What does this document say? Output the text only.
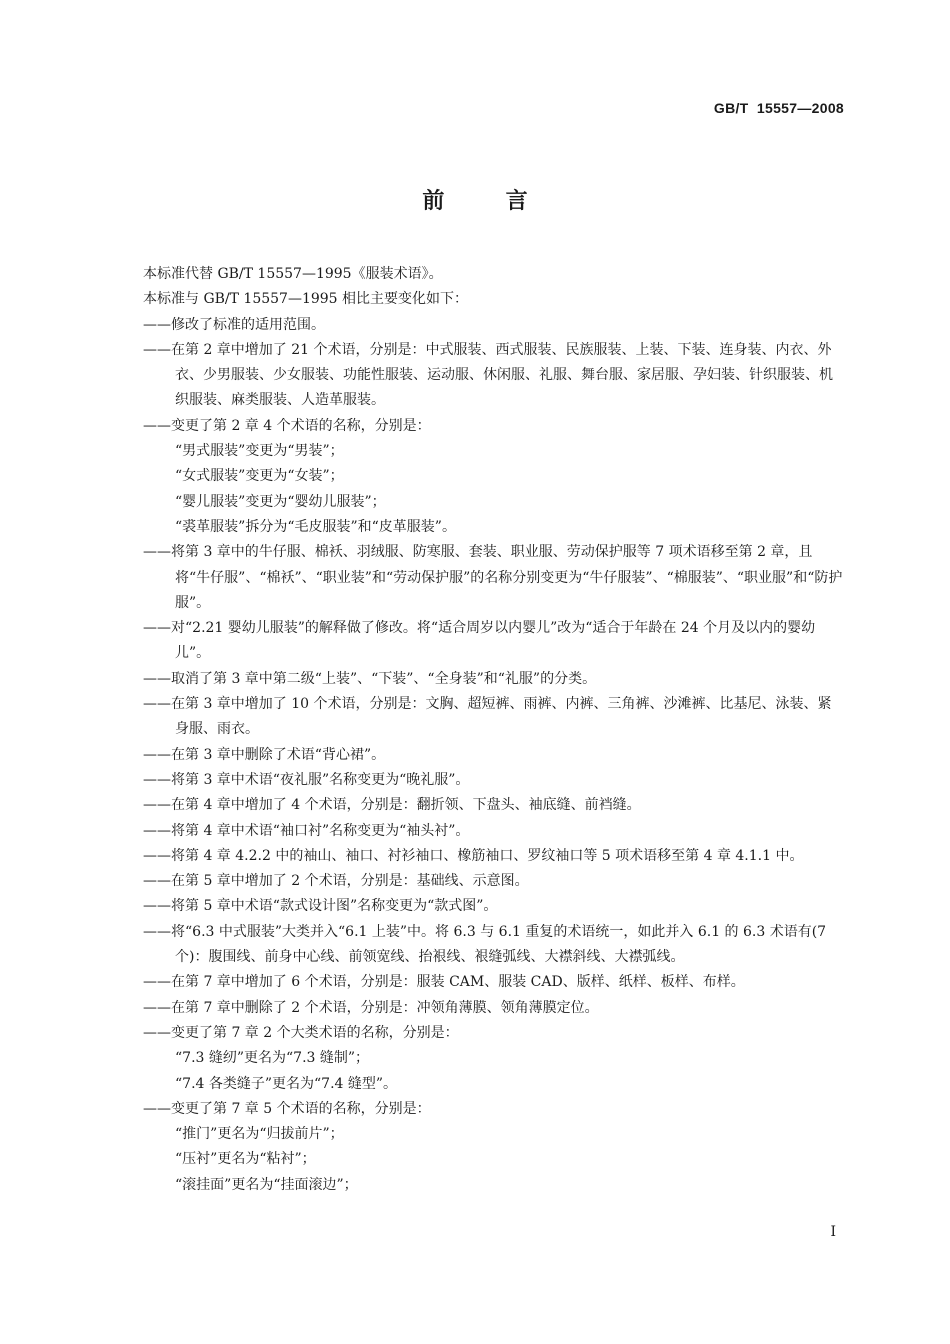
GB/T  15557—2008
前        言

本标准代替 GB/T 15557—1995《服装术语》。

本标准与 GB/T 15557—1995 相比主要变化如下：

——修改了标准的适用范围。

——在第 2 章中增加了 21 个术语，分别是：中式服装、西式服装、民族服装、上装、下装、连身装、内衣、外衣、少男服装、少女服装、功能性服装、运动服、休闲服、礼服、舞台服、家居服、孕妇装、针织服装、机织服装、麻类服装、人造革服装。

——变更了第 2 章 4 个术语的名称，分别是：

“男式服装”变更为“男装”；

“女式服装”变更为“女装”；

“婴儿服装”变更为“婴幼儿服装”；

“裘革服装”拆分为“毛皮服装”和“皮革服装”。

——将第 3 章中的牛仔服、棉袄、羽绒服、防寒服、套装、职业服、劳动保护服等 7 项术语移至第 2 章，且将“牛仔服”、“棉袄”、“职业装”和“劳动保护服”的名称分别变更为“牛仔服装”、“棉服装”、“职业服”和“防护服”。

——对“2.21 婴幼儿服装”的解释做了修改。将“适合周岁以内婴儿”改为“适合于年龄在 24 个月及以内的婴幼儿”。

——取消了第 3 章中第二级“上装”、“下装”、“全身装”和“礼服”的分类。

——在第 3 章中增加了 10 个术语，分别是：文胸、超短裤、雨裤、内裤、三角裤、沙滩裤、比基尼、泳装、紧身服、雨衣。

——在第 3 章中删除了术语“背心裙”。

——将第 3 章中术语“夜礼服”名称变更为“晚礼服”。

——在第 4 章中增加了 4 个术语，分别是：翻折领、下盘头、袖底缝、前裆缝。

——将第 4 章中术语“袖口衬”名称变更为“袖头衬”。

——将第 4 章 4.2.2 中的袖山、袖口、衬衫袖口、橡筋袖口、罗纹袖口等 5 项术语移至第 4 章 4.1.1 中。

——在第 5 章中增加了 2 个术语，分别是：基础线、示意图。

——将第 5 章中术语“款式设计图”名称变更为“款式图”。

——将“6.3 中式服装”大类并入“6.1 上装”中。将 6.3 与 6.1 重复的术语统一，如此并入 6.1 的 6.3 术语有(7 个)：腹围线、前身中心线、前领宽线、抬裉线、裉缝弧线、大襟斜线、大襟弧线。

——在第 7 章中增加了 6 个术语，分别是：服装 CAM、服装 CAD、版样、纸样、板样、布样。

——在第 7 章中删除了 2 个术语，分别是：冲领角薄膜、领角薄膜定位。

——变更了第 7 章 2 个大类术语的名称，分别是：

“7.3 缝纫”更名为“7.3 缝制”；

“7.4 各类缝子”更名为“7.4 缝型”。

——变更了第 7 章 5 个术语的名称，分别是：

“推门”更名为“归拔前片”；

“压衬”更名为“粘衬”；

“滚挂面”更名为“挂面滚边”；

I
